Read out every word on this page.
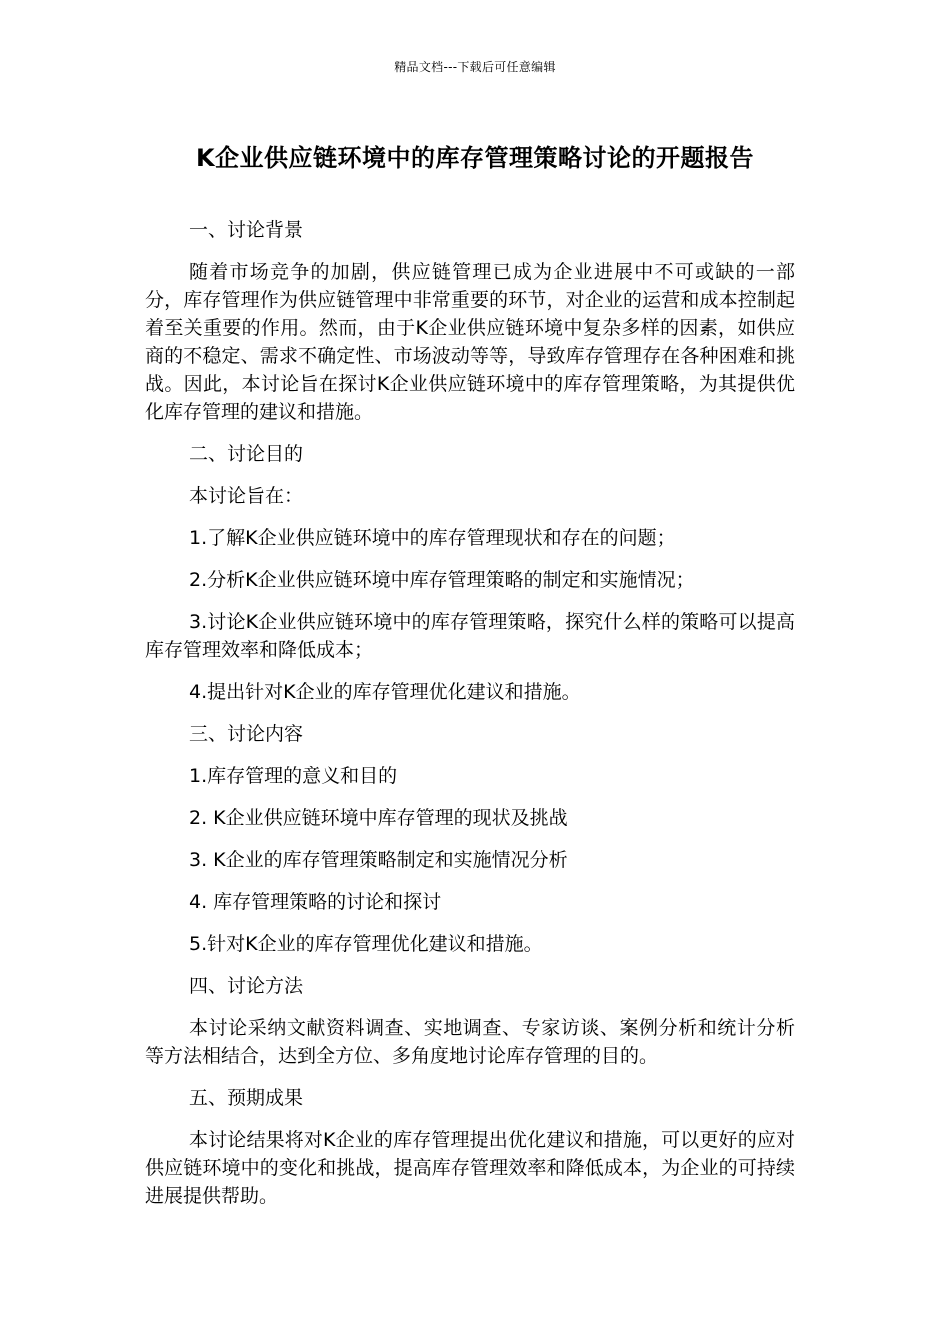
精品文档---下载后可任意编辑
K企业供应链环境中的库存管理策略讨论的开题报告

一、讨论背景

随着市场竞争的加剧，供应链管理已成为企业进展中不可或缺的一部分，库存管理作为供应链管理中非常重要的环节，对企业的运营和成本控制起着至关重要的作用。然而，由于K企业供应链环境中复杂多样的因素，如供应商的不稳定、需求不确定性、市场波动等等，导致库存管理存在各种困难和挑战。因此，本讨论旨在探讨K企业供应链环境中的库存管理策略，为其提供优化库存管理的建议和措施。

二、讨论目的

本讨论旨在：

1.了解K企业供应链环境中的库存管理现状和存在的问题；

2.分析K企业供应链环境中库存管理策略的制定和实施情况；

3.讨论K企业供应链环境中的库存管理策略，探究什么样的策略可以提高库存管理效率和降低成本；

4.提出针对K企业的库存管理优化建议和措施。

三、讨论内容

1.库存管理的意义和目的

2. K企业供应链环境中库存管理的现状及挑战

3. K企业的库存管理策略制定和实施情况分析

4. 库存管理策略的讨论和探讨

5.针对K企业的库存管理优化建议和措施。

四、讨论方法

本讨论采纳文献资料调查、实地调查、专家访谈、案例分析和统计分析等方法相结合，达到全方位、多角度地讨论库存管理的目的。

五、预期成果

本讨论结果将对K企业的库存管理提出优化建议和措施，可以更好的应对供应链环境中的变化和挑战，提高库存管理效率和降低成本，为企业的可持续进展提供帮助。
